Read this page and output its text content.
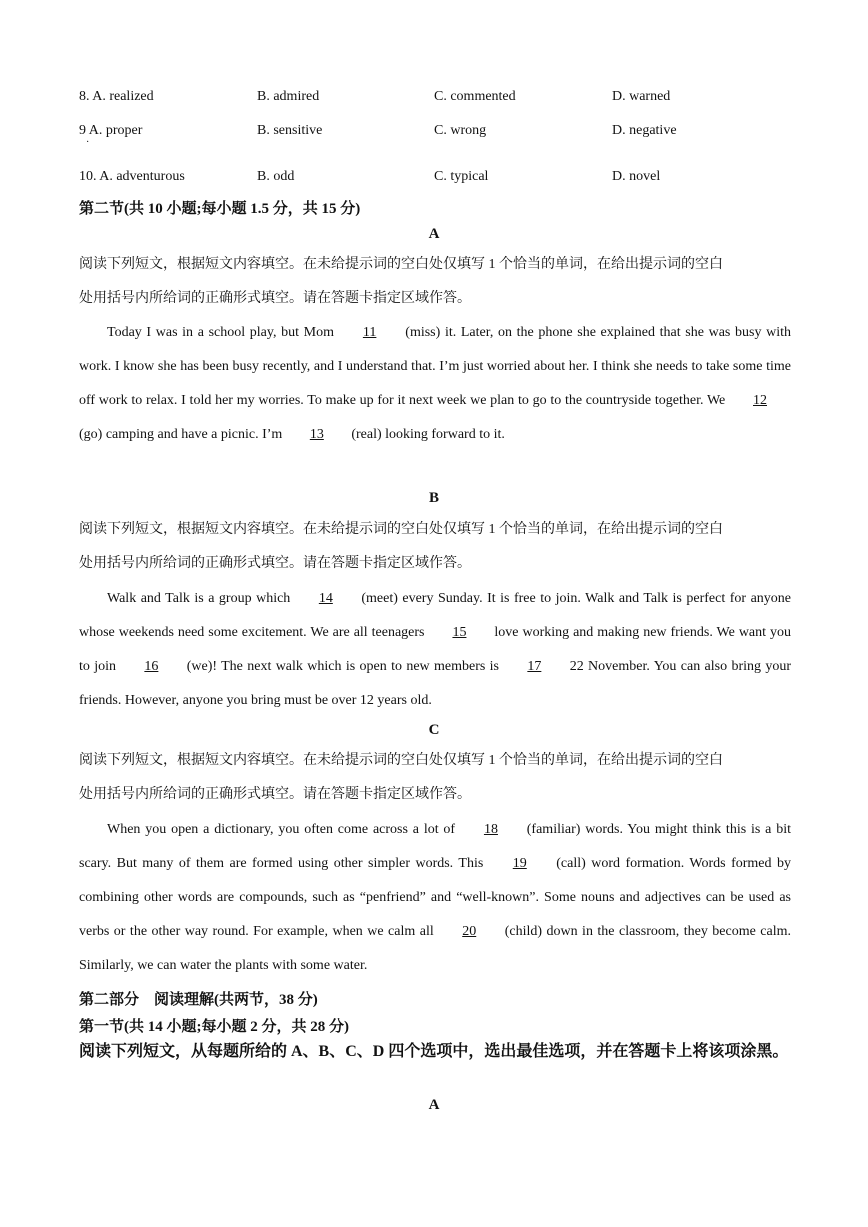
8. A. realized	B. admired	C. commented	D. warned
9 A. proper	B. sensitive	C. wrong	D. negative
·
10. A. adventurous	B. odd	C. typical	D. novel
第二节(共 10 小题;每小题 1.5 分，共 15 分)
A

阅读下列短文，根据短文内容填空。在未给提示词的空白处仅填写 1 个恰当的单词，在给出提示词的空白
处用括号内所给词的正确形式填空。请在答题卡指定区域作答。

Today I was in a school play, but Mom 11 (miss) it. Later, on the phone she explained that she was busy with work. I know she has been busy recently, and I understand that. I’m just worried about her. I think she needs to take some time off work to relax. I told her my worries. To make up for it next week we plan to go to the countryside together. We 12 (go) camping and have a picnic. I’m 13 (real) looking forward to it.

B

阅读下列短文，根据短文内容填空。在未给提示词的空白处仅填写 1 个恰当的单词，在给出提示词的空白
处用括号内所给词的正确形式填空。请在答题卡指定区域作答。

Walk and Talk is a group which 14 (meet) every Sunday. It is free to join. Walk and Talk is perfect for anyone whose weekends need some excitement. We are all teenagers 15 love working and making new friends. We want you to join 16 (we)! The next walk which is open to new members is 17 22 November. You can also bring your friends. However, anyone you bring must be over 12 years old.

C

阅读下列短文，根据短文内容填空。在未给提示词的空白处仅填写 1 个恰当的单词，在给出提示词的空白
处用括号内所给词的正确形式填空。请在答题卡指定区域作答。

When you open a dictionary, you often come across a lot of 18 (familiar) words. You might think this is a bit scary. But many of them are formed using other simpler words. This 19 (call) word formation. Words formed by combining other words are compounds, such as “penfriend” and “well-known”. Some nouns and adjectives can be used as verbs or the other way round. For example, when we calm all 20 (child) down in the classroom, they become calm. Similarly, we can water the plants with some water.

第二部分　阅读理解(共两节，38 分)
第一节(共 14 小题;每小题 2 分，共 28 分)

阅读下列短文，从每题所给的 A、B、C、D 四个选项中，选出最佳选项，并在答题卡上将该项涂黑。

A
